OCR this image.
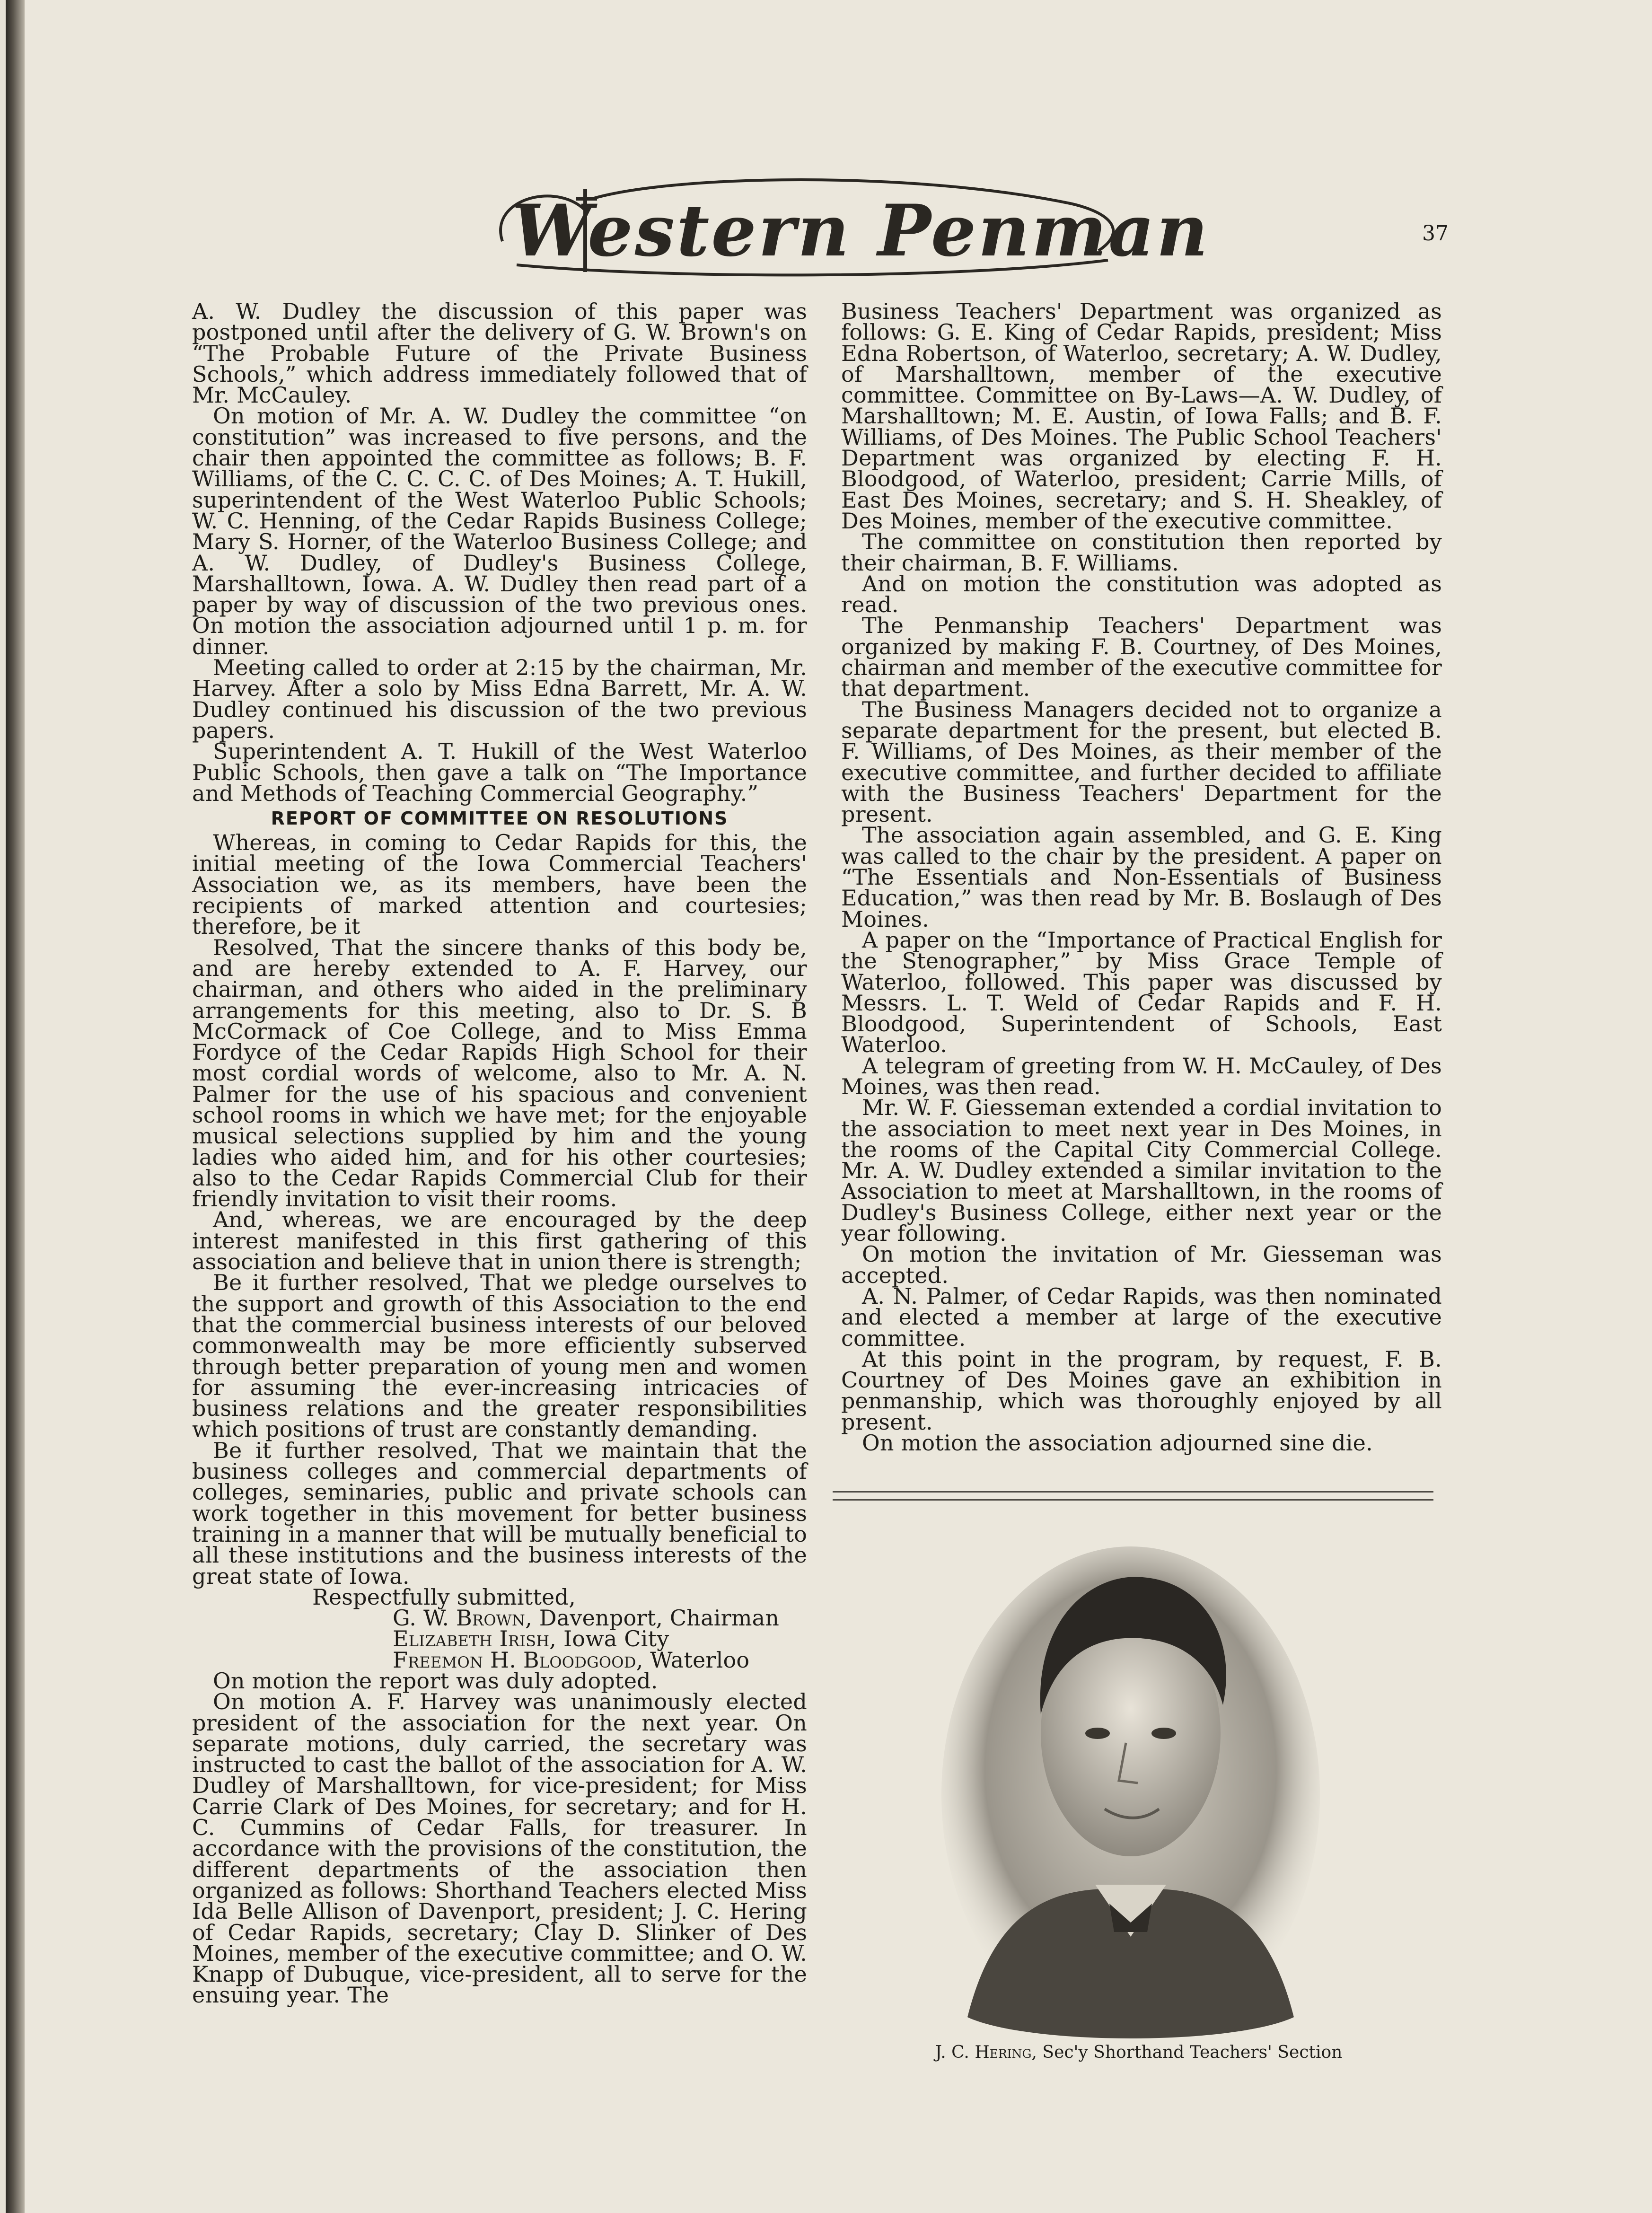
Western Penman	37

A. W. Dudley the discussion of this paper was postponed until after the delivery of G. W. Brown's on “The Probable Future of the Private Business Schools,” which address immediately followed that of Mr. McCauley.

On motion of Mr. A. W. Dudley the committee “on constitution” was increased to five persons, and the chair then appointed the committee as follows; B. F. Williams, of the C. C. C. C. of Des Moines; A. T. Hukill, superintendent of the West Waterloo Public Schools; W. C. Henning, of the Cedar Rapids Business College; Mary S. Horner, of the Waterloo Business College; and A. W. Dudley, of Dudley's Business College, Marshalltown, Iowa. A. W. Dudley then read part of a paper by way of discussion of the two previous ones. On motion the association adjourned until 1 p. m. for dinner.

Meeting called to order at 2:15 by the chairman, Mr. Harvey. After a solo by Miss Edna Barrett, Mr. A. W. Dudley continued his discussion of the two previous papers.

Superintendent A. T. Hukill of the West Waterloo Public Schools, then gave a talk on “The Importance and Methods of Teaching Commercial Geography.”

REPORT OF COMMITTEE ON RESOLUTIONS

Whereas, in coming to Cedar Rapids for this, the initial meeting of the Iowa Commercial Teachers' Association we, as its members, have been the recipients of marked attention and courtesies; therefore, be it

Resolved, That the sincere thanks of this body be, and are hereby extended to A. F. Harvey, our chairman, and others who aided in the preliminary arrangements for this meeting, also to Dr. S. B McCormack of Coe College, and to Miss Emma Fordyce of the Cedar Rapids High School for their most cordial words of welcome, also to Mr. A. N. Palmer for the use of his spacious and convenient school rooms in which we have met; for the enjoyable musical selections supplied by him and the young ladies who aided him, and for his other courtesies; also to the Cedar Rapids Commercial Club for their friendly invitation to visit their rooms.

And, whereas, we are encouraged by the deep interest manifested in this first gathering of this association and believe that in union there is strength;

Be it further resolved, That we pledge ourselves to the support and growth of this Association to the end that the commercial business interests of our beloved commonwealth may be more efficiently subserved through better preparation of young men and women for assuming the ever-increasing intricacies of business relations and the greater responsibilities which positions of trust are constantly demanding.

Be it further resolved, That we maintain that the business colleges and commercial departments of colleges, seminaries, public and private schools can work together in this movement for better business training in a manner that will be mutually beneficial to all these institutions and the business interests of the great state of Iowa.

Respectfully submitted,

G. W. Brown, Davenport, Chairman

Elizabeth Irish, Iowa City

Freemon H. Bloodgood, Waterloo

On motion the report was duly adopted.

On motion A. F. Harvey was unanimously elected president of the association for the next year. On separate motions, duly carried, the secretary was instructed to cast the ballot of the association for A. W. Dudley of Marshalltown, for vice-president; for Miss Carrie Clark of Des Moines, for secretary; and for H. C. Cummins of Cedar Falls, for treasurer. In accordance with the provisions of the constitution, the different departments of the association then organized as follows: Shorthand Teachers elected Miss Ida Belle Allison of Davenport, president; J. C. Hering of Cedar Rapids, secretary; Clay D. Slinker of Des Moines, member of the executive committee; and O. W. Knapp of Dubuque, vice-president, all to serve for the ensuing year. The

Business Teachers' Department was organized as follows: G. E. King of Cedar Rapids, president; Miss Edna Robertson, of Waterloo, secretary; A. W. Dudley, of Marshalltown, member of the executive committee. Committee on By-Laws—A. W. Dudley, of Marshalltown; M. E. Austin, of Iowa Falls; and B. F. Williams, of Des Moines. The Public School Teachers' Department was organized by electing F. H. Bloodgood, of Waterloo, president; Carrie Mills, of East Des Moines, secretary; and S. H. Sheakley, of Des Moines, member of the executive committee.

The committee on constitution then reported by their chairman, B. F. Williams.

And on motion the constitution was adopted as read.

The Penmanship Teachers' Department was organized by making F. B. Courtney, of Des Moines, chairman and member of the executive committee for that department.

The Business Managers decided not to organize a separate department for the present, but elected B. F. Williams, of Des Moines, as their member of the executive committee, and further decided to affiliate with the Business Teachers' Department for the present.

The association again assembled, and G. E. King was called to the chair by the president. A paper on “The Essentials and Non-Essentials of Business Education,” was then read by Mr. B. Boslaugh of Des Moines.

A paper on the “Importance of Practical English for the Stenographer,” by Miss Grace Temple of Waterloo, followed. This paper was discussed by Messrs. L. T. Weld of Cedar Rapids and F. H. Bloodgood, Superintendent of Schools, East Waterloo.

A telegram of greeting from W. H. McCauley, of Des Moines, was then read.

Mr. W. F. Giesseman extended a cordial invitation to the association to meet next year in Des Moines, in the rooms of the Capital City Commercial College. Mr. A. W. Dudley extended a similar invitation to the Association to meet at Marshalltown, in the rooms of Dudley's Business College, either next year or the year following.

On motion the invitation of Mr. Giesseman was accepted.

A. N. Palmer, of Cedar Rapids, was then nominated and elected a member at large of the executive committee.

At this point in the program, by request, F. B. Courtney of Des Moines gave an exhibition in penmanship, which was thoroughly enjoyed by all present.

On motion the association adjourned sine die.

J. C. Hering, Sec'y Shorthand Teachers' Section
